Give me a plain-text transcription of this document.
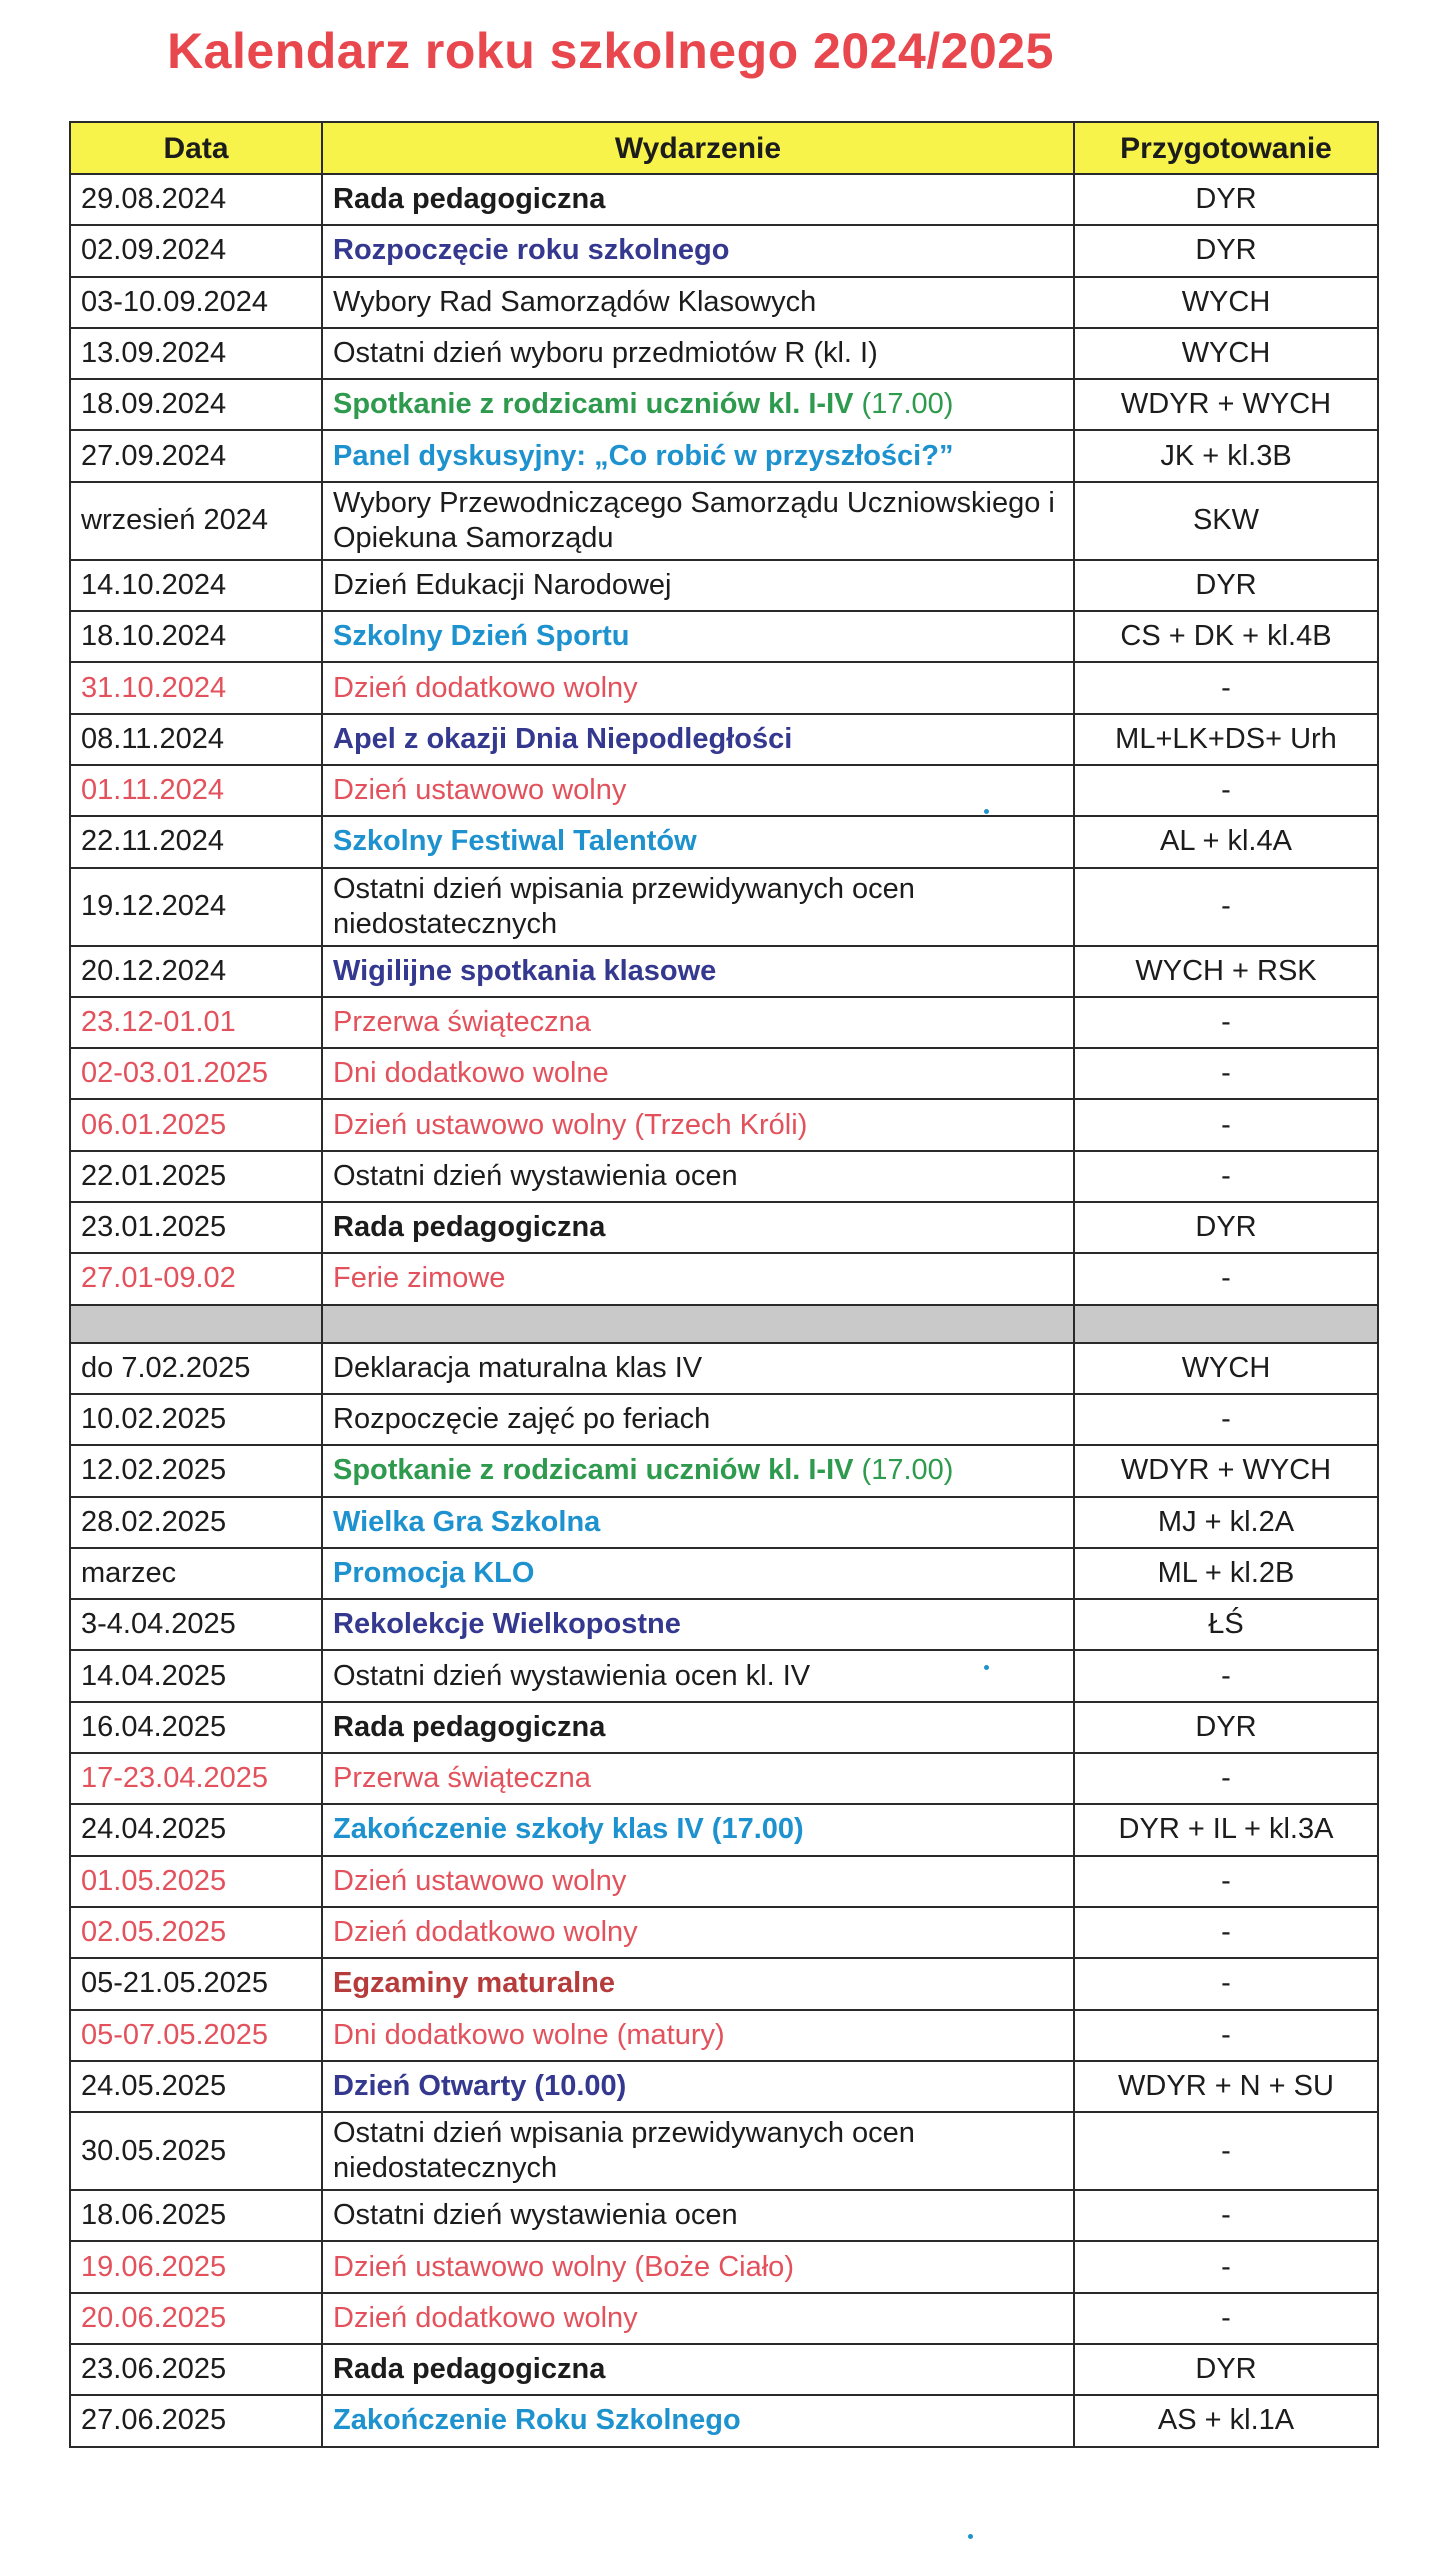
Kalendarz roku szkolnego 2024/2025
Data	Wydarzenie	Przygotowanie
29.08.2024	Rada pedagogiczna	DYR
02.09.2024	Rozpoczęcie roku szkolnego	DYR
03-10.09.2024	Wybory Rad Samorządów Klasowych	WYCH
13.09.2024	Ostatni dzień wyboru przedmiotów R (kl. I)	WYCH
18.09.2024	Spotkanie z rodzicami uczniów kl. I-IV (17.00)	WDYR + WYCH
27.09.2024	Panel dyskusyjny: „Co robić w przyszłości?”	JK + kl.3B
wrzesień 2024	Wybory Przewodniczącego Samorządu Uczniowskiego i Opiekuna Samorządu	SKW
14.10.2024	Dzień Edukacji Narodowej	DYR
18.10.2024	Szkolny Dzień Sportu	CS + DK + kl.4B
31.10.2024	Dzień dodatkowo wolny	-
08.11.2024	Apel z okazji Dnia Niepodległości	ML+LK+DS+ Urh
01.11.2024	Dzień ustawowo wolny	-
22.11.2024	Szkolny Festiwal Talentów	AL + kl.4A
19.12.2024	Ostatni dzień wpisania przewidywanych ocen niedostatecznych	-
20.12.2024	Wigilijne spotkania klasowe	WYCH + RSK
23.12-01.01	Przerwa świąteczna	-
02-03.01.2025	Dni dodatkowo wolne	-
06.01.2025	Dzień ustawowo wolny (Trzech Króli)	-
22.01.2025	Ostatni dzień wystawienia ocen	-
23.01.2025	Rada pedagogiczna	DYR
27.01-09.02	Ferie zimowe	-

do 7.02.2025	Deklaracja maturalna klas IV	WYCH
10.02.2025	Rozpoczęcie zajęć po feriach	-
12.02.2025	Spotkanie z rodzicami uczniów kl. I-IV (17.00)	WDYR + WYCH
28.02.2025	Wielka Gra Szkolna	MJ + kl.2A
marzec	Promocja KLO	ML + kl.2B
3-4.04.2025	Rekolekcje Wielkopostne	ŁŚ
14.04.2025	Ostatni dzień wystawienia ocen kl. IV	-
16.04.2025	Rada pedagogiczna	DYR
17-23.04.2025	Przerwa świąteczna	-
24.04.2025	Zakończenie szkoły klas IV (17.00)	DYR + IL + kl.3A
01.05.2025	Dzień ustawowo wolny	-
02.05.2025	Dzień dodatkowo wolny	-
05-21.05.2025	Egzaminy maturalne	-
05-07.05.2025	Dni dodatkowo wolne (matury)	-
24.05.2025	Dzień Otwarty (10.00)	WDYR + N + SU
30.05.2025	Ostatni dzień wpisania przewidywanych ocen niedostatecznych	-
18.06.2025	Ostatni dzień wystawienia ocen	-
19.06.2025	Dzień ustawowo wolny (Boże Ciało)	-
20.06.2025	Dzień dodatkowo wolny	-
23.06.2025	Rada pedagogiczna	DYR
27.06.2025	Zakończenie Roku Szkolnego	AS + kl.1A
